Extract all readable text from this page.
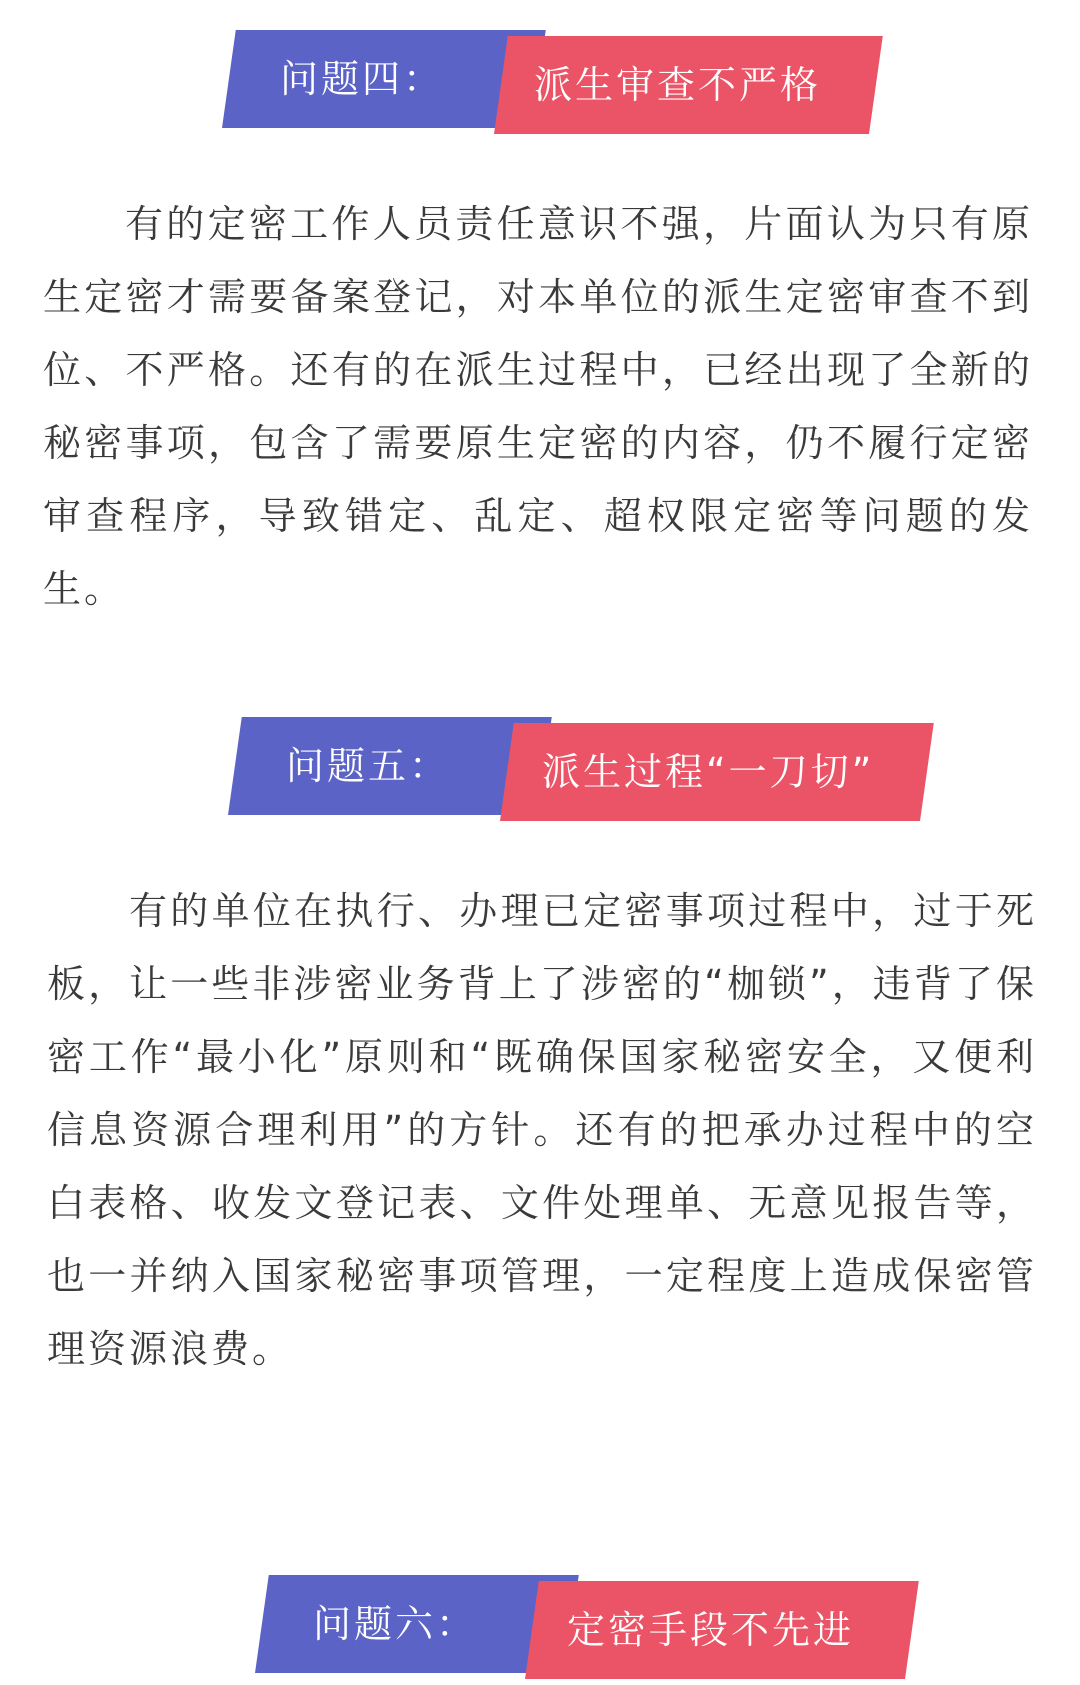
问题四： 派生审查不严格

有的定密工作人员责任意识不强，片面认为只有原生定密才需要备案登记，对本单位的派生定密审查不到位、不严格。还有的在派生过程中，已经出现了全新的秘密事项，包含了需要原生定密的内容，仍不履行定密审查程序，导致错定、乱定、超权限定密等问题的发生。

问题五： 派生过程“一刀切”

有的单位在执行、办理已定密事项过程中，过于死板，让一些非涉密业务背上了涉密的“枷锁”，违背了保密工作“最小化”原则和“既确保国家秘密安全，又便利信息资源合理利用”的方针。还有的把承办过程中的空白表格、收发文登记表、文件处理单、无意见报告等，也一并纳入国家秘密事项管理，一定程度上造成保密管理资源浪费。

问题六： 定密手段不先进
